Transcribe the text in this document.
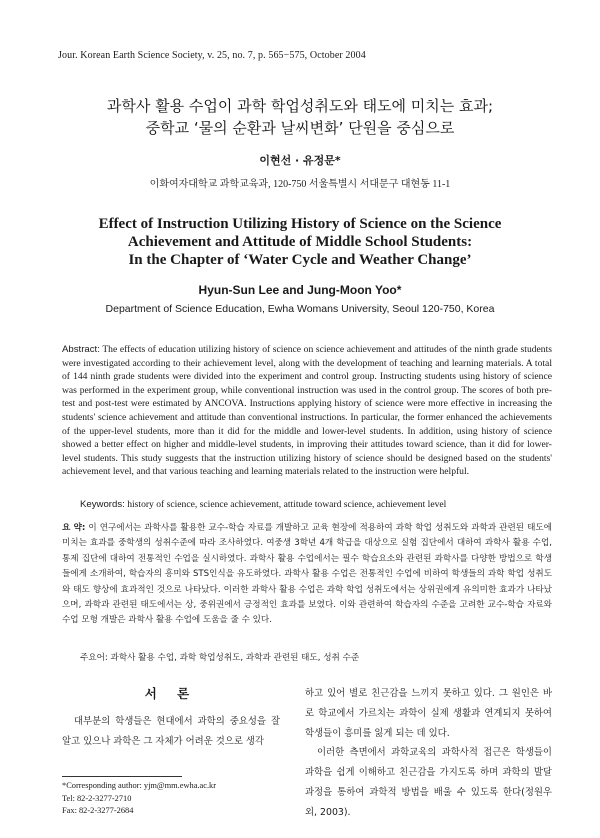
Jour. Korean Earth Science Society, v. 25, no. 7, p. 565−575, October 2004
과학사 활용 수업이 과학 학업성취도와 태도에 미치는 효과;
중학교 ‘물의 순환과 날씨변화’ 단원을 중심으로
이현선 · 유정문*
이화여자대학교 과학교육과, 120-750 서울특별시 서대문구 대현동 11-1
Effect of Instruction Utilizing History of Science on the Science
Achievement and Attitude of Middle School Students:
In the Chapter of ‘Water Cycle and Weather Change’
Hyun-Sun Lee and Jung-Moon Yoo*
Department of Science Education, Ewha Womans University, Seoul 120-750, Korea
Abstract: The effects of education utilizing history of science on science achievement and attitudes of the ninth grade students were investigated according to their achievement level, along with the development of teaching and learning materials. A total of 144 ninth grade students were divided into the experiment and control group. Instructing students using history of science was performed in the experiment group, while conventional instruction was used in the control group. The scores of both pre-test and post-test were estimated by ANCOVA. Instructions applying history of science were more effective in increasing the students' science achievement and attitude than conventional instructions. In particular, the former enhanced the achievements of the upper-level students, more than it did for the middle and lower-level students. In addition, using history of science showed a better effect on higher and middle-level students, in improving their attitudes toward science, than it did for lower-level students. This study suggests that the instruction utilizing history of science should be designed based on the students' achievement level, and that various teaching and learning materials related to the instruction were helpful.
Keywords: history of science, science achievement, attitude toward science, achievement level
요 약: 이 연구에서는 과학사를 활용한 교수-학습 자료를 개발하고 교육 현장에 적용하여 과학 학업 성취도와 과학과 관련된 태도에 미치는 효과를 중학생의 성취수준에 따라 조사하였다. 여중생 3학년 4개 학급을 대상으로 실험 집단에서 대하여 과학사 활용 수업, 통제 집단에 대하여 전통적인 수업을 실시하였다. 과학사 활용 수업에서는 필수 학습요소와 관련된 과학사를 다양한 방법으로 학생들에게 소개하여, 학습자의 흥미와 STS인식을 유도하였다. 과학사 활용 수업은 전통적인 수업에 비하여 학생들의 과학 학업 성취도와 태도 향상에 효과적인 것으로 나타났다. 이러한 과학사 활용 수업은 과학 학업 성취도에서는 상위권에게 유의미한 효과가 나타났으며, 과학과 관련된 태도에서는 상, 중위권에서 긍정적인 효과를 보였다. 이와 관련하여 학습자의 수준을 고려한 교수-학습 자료와 수업 모형 개발은 과학사 활용 수업에 도움을 줄 수 있다.
주요어: 과학사 활용 수업, 과학 학업성취도, 과학과 관련된 태도, 성취 수준
서 론
대부분의 학생들은 현대에서 과학의 중요성을 잘 알고 있으나 과학은 그 자체가 어려운 것으로 생각
*Corresponding author: yjm@mm.ewha.ac.kr
Tel: 82-2-3277-2710
Fax: 82-2-3277-2684
하고 있어 별로 친근감을 느끼지 못하고 있다. 그 원인은 바로 학교에서 가르치는 과학이 실제 생활과 연계되지 못하여 학생들이 흥미를 잃게 되는 데 있다.
이러한 측면에서 과학교육의 과학사적 접근은 학생들이 과학을 쉽게 이해하고 친근감을 가지도록 하며 과학의 발달과정을 통하여 과학적 방법을 배울 수 있도록 한다(정원우 외, 2003).
